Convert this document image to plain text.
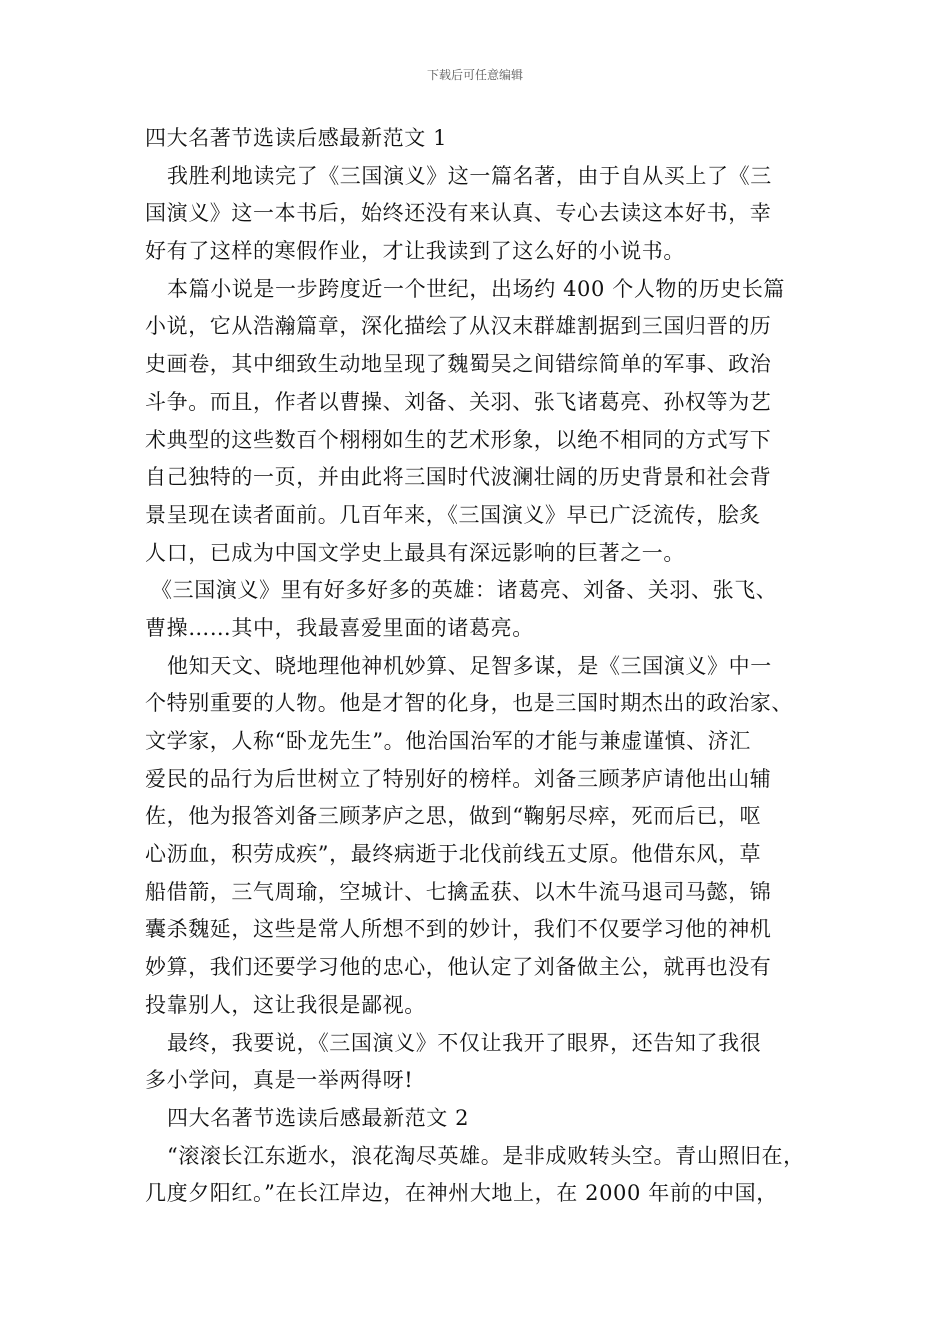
下载后可任意编辑
四大名著节选读后感最新范文 1
我胜利地读完了《三国演义》这一篇名著，由于自从买上了《三
国演义》这一本书后，始终还没有来认真、专心去读这本好书，幸
好有了这样的寒假作业，才让我读到了这么好的小说书。
本篇小说是一步跨度近一个世纪，出场约 400 个人物的历史长篇
小说，它从浩瀚篇章，深化描绘了从汉末群雄割据到三国归晋的历
史画卷，其中细致生动地呈现了魏蜀吴之间错综简单的军事、政治
斗争。而且，作者以曹操、刘备、关羽、张飞诸葛亮、孙权等为艺
术典型的这些数百个栩栩如生的艺术形象，以绝不相同的方式写下
自己独特的一页，并由此将三国时代波澜壮阔的历史背景和社会背
景呈现在读者面前。几百年来，《三国演义》早已广泛流传，脍炙
人口，已成为中国文学史上最具有深远影响的巨著之一。
《三国演义》里有好多好多的英雄：诸葛亮、刘备、关羽、张飞、
曹操……其中，我最喜爱里面的诸葛亮。
他知天文、晓地理他神机妙算、足智多谋，是《三国演义》中一
个特别重要的人物。他是才智的化身，也是三国时期杰出的政治家、
文学家，人称“卧龙先生”。他治国治军的才能与兼虚谨慎、济汇
爱民的品行为后世树立了特别好的榜样。刘备三顾茅庐请他出山辅
佐，他为报答刘备三顾茅庐之思，做到“鞠躬尽瘁，死而后已，呕
心沥血，积劳成疾”，最终病逝于北伐前线五丈原。他借东风，草
船借箭，三气周瑜，空城计、七擒孟获、以木牛流马退司马懿，锦
囊杀魏延，这些是常人所想不到的妙计，我们不仅要学习他的神机
妙算，我们还要学习他的忠心，他认定了刘备做主公，就再也没有
投靠别人，这让我很是鄙视。
最终，我要说，《三国演义》不仅让我开了眼界，还告知了我很
多小学问，真是一举两得呀!
四大名著节选读后感最新范文 2
“滚滚长江东逝水，浪花淘尽英雄。是非成败转头空。青山照旧在，
几度夕阳红。”在长江岸边，在神州大地上，在 2000 年前的中国，
